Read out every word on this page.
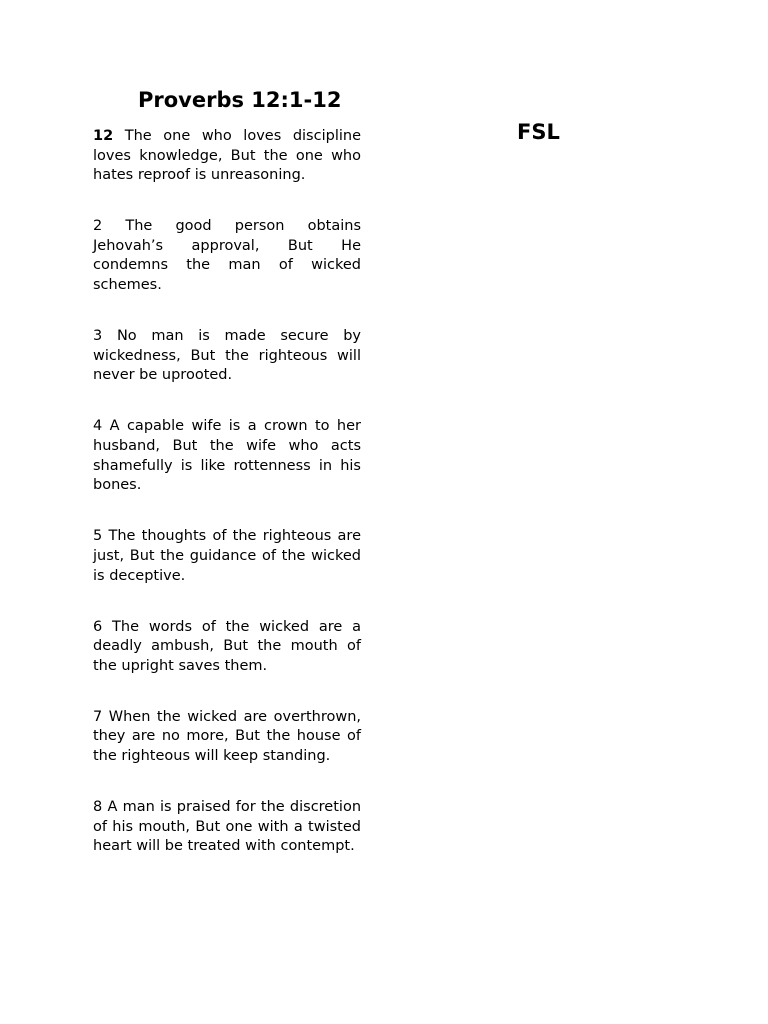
Proverbs 12:1-12

12 The one who loves discipline loves knowledge, But the one who hates reproof is unreasoning.

2 The good person obtains Jehovah’s approval, But He condemns the man of wicked schemes.

3 No man is made secure by wickedness, But the righteous will never be uprooted.

4 A capable wife is a crown to her husband, But the wife who acts shamefully is like rottenness in his bones.

5 The thoughts of the righteous are just, But the guidance of the wicked is deceptive.

6 The words of the wicked are a deadly ambush, But the mouth of the upright saves them.

7 When the wicked are overthrown, they are no more, But the house of the righteous will keep standing.

8 A man is praised for the discretion of his mouth, But one with a twisted heart will be treated with contempt.

FSL
